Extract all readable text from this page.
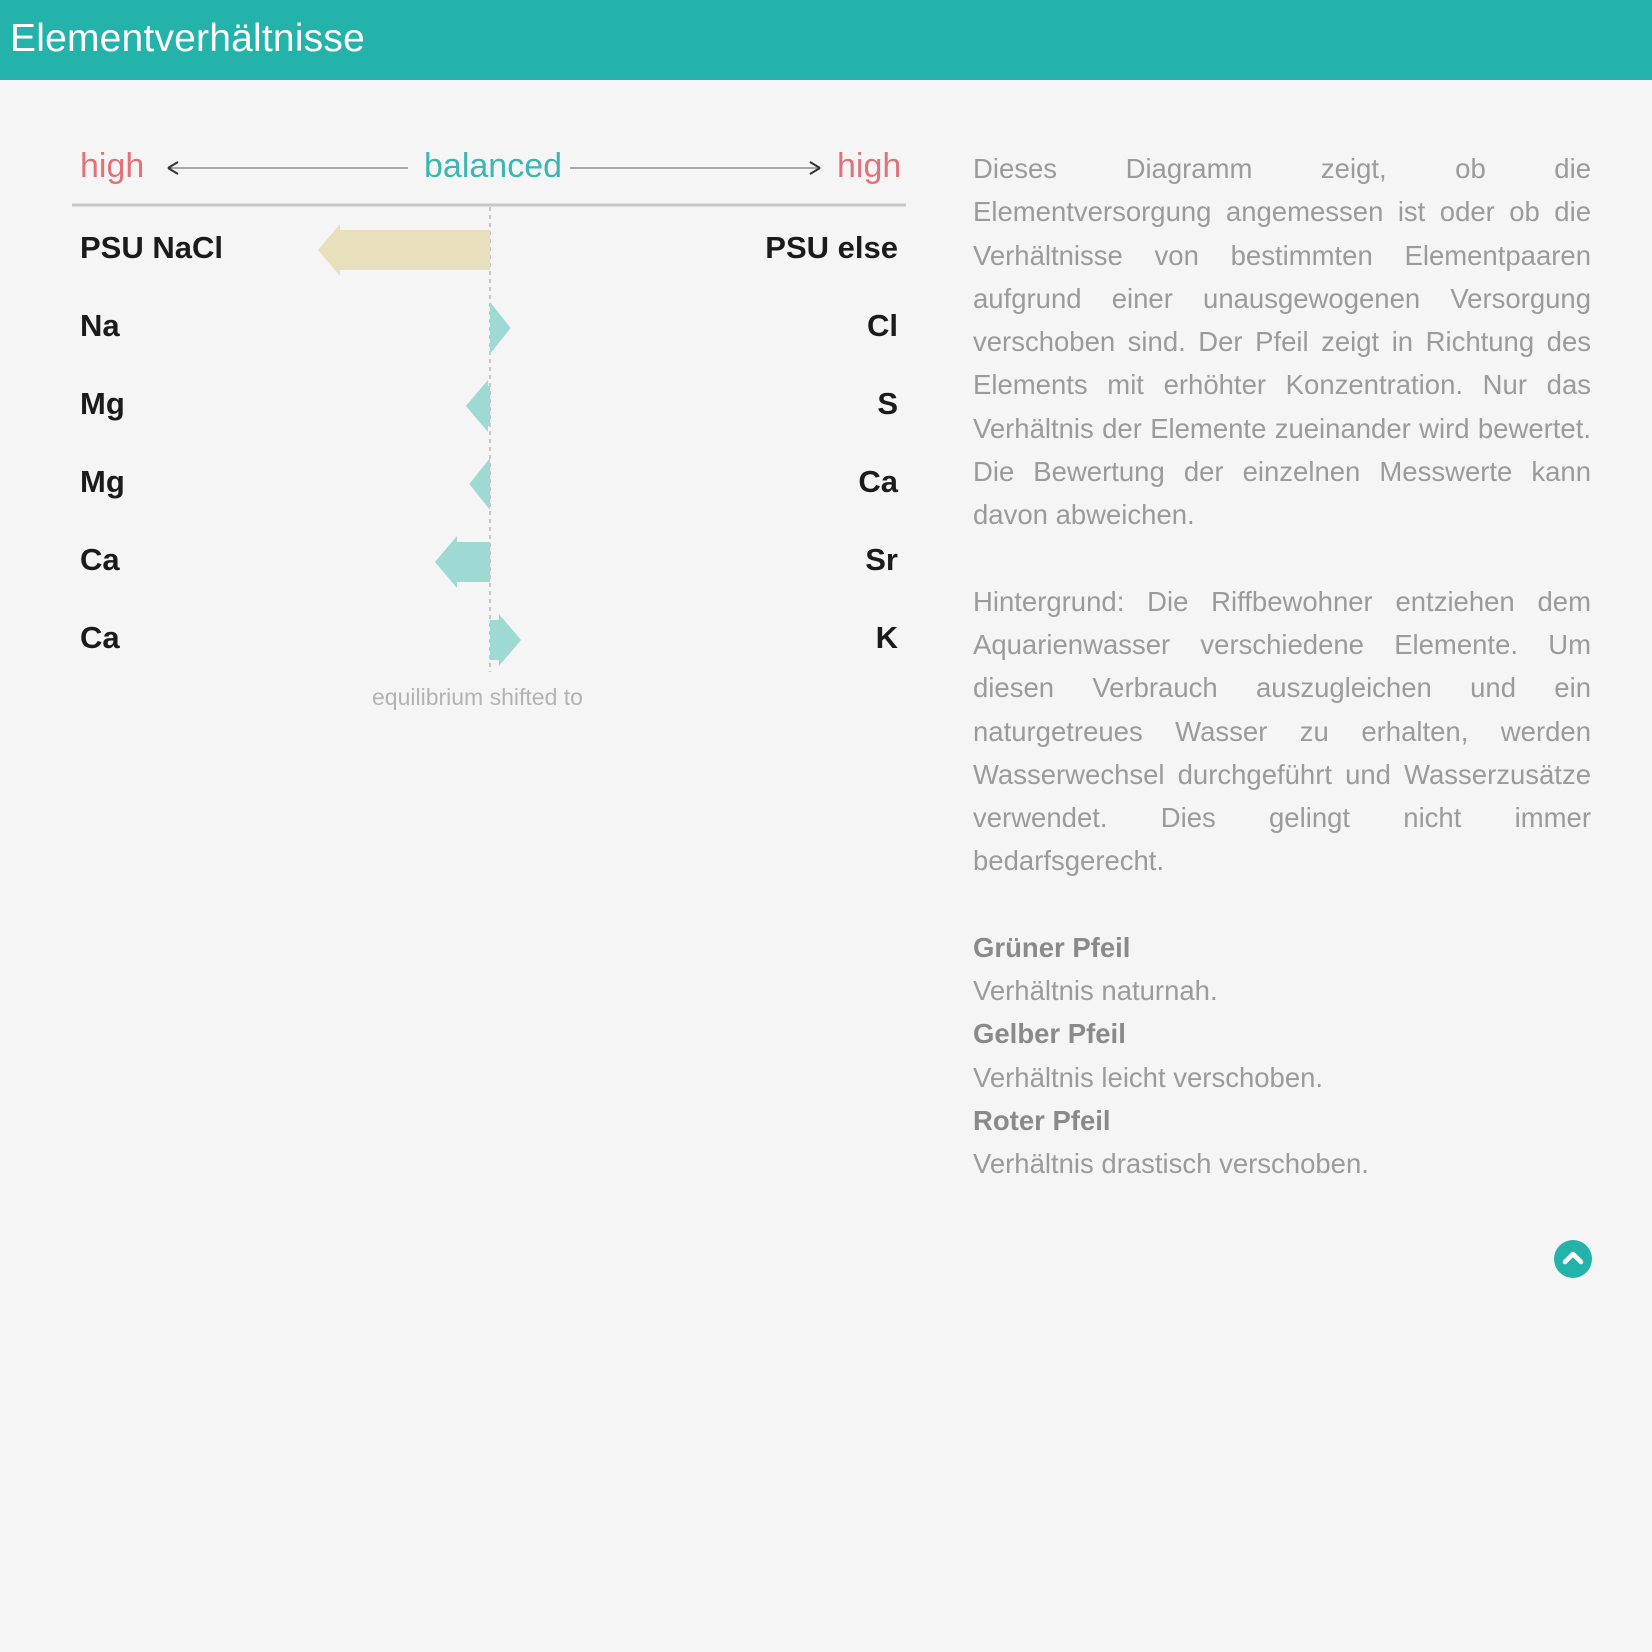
Elementverhältnisse
high	balanced	high
PSU NaCl	PSU else
Na	Cl
Mg	S
Mg	Ca
Ca	Sr
Ca	K
equilibrium shifted to

Dieses Diagramm zeigt, ob die Elementversorgung angemessen ist oder ob die Verhältnisse von bestimmten Elementpaaren aufgrund einer unausgewogenen Versorgung verschoben sind. Der Pfeil zeigt in Richtung des Elements mit erhöhter Konzentration. Nur das Verhältnis der Elemente zueinander wird bewertet. Die Bewertung der einzelnen Messwerte kann davon abweichen.

Hintergrund: Die Riffbewohner entziehen dem Aquarienwasser verschiedene Elemente. Um diesen Verbrauch auszugleichen und ein naturgetreues Wasser zu erhalten, werden Wasserwechsel durchgeführt und Wasserzusätze verwendet. Dies gelingt nicht immer bedarfsgerecht.

Grüner Pfeil
Verhältnis naturnah.
Gelber Pfeil
Verhältnis leicht verschoben.
Roter Pfeil
Verhältnis drastisch verschoben.
